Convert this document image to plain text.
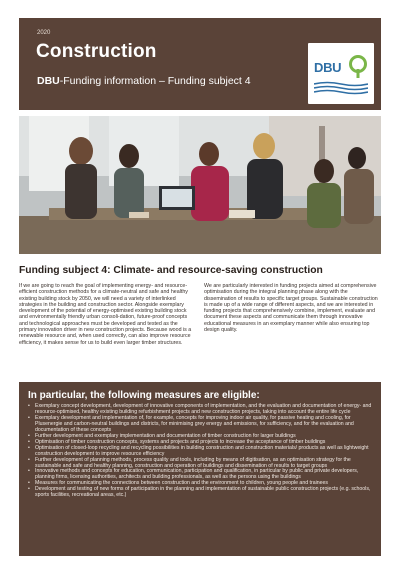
2020
Construction
DBU-Funding information – Funding subject 4
DBU
Funding subject 4: Climate- and resource-saving construction
If we are going to reach the goal of implementing energy- and resource-efficient construction methods for a climate-neutral and safe and healthy existing building stock by 2050, we will need a variety of interlinked strategies in the building and construction sector. Alongside exemplary development of the potential of energy-optimised existing building stock and environmentally friendly urban consoli-dation, future-proof concepts and technological approaches must be developed and tested as the primary innovation driver in new construction projects. Because wood is a renewable resource and, when used correctly, can also improve resource efficiency, it makes sense for us to build even larger timber structures.
We are particularly interested in funding projects aimed at comprehensive optimisation during the integral planning phase along with the dissemination of results to specific target groups. Sustainable construction is made up of a wide range of different aspects, and we are interested in funding projects that comprehensively combine, implement, evaluate and document these aspects and communicate them through innovative educational measures in an exemplary manner while also ensuring top design quality.
In particular, the following measures are eligible:
• Exemplary concept development, development of innovative components of implementation, and the evaluation and documentation of energy- and resource-optimised, healthy existing building refurbishment projects and new construction projects, taking into account the entire life cycle
• Exemplary development and implementation of, for example, concepts for improving indoor air quality, for passive heating and cooling, for Plusenergie and carbon-neutral buildings and districts, for minimising grey energy and emissions, for sufficiency, and for the evaluation and documentation of these concepts
• Further development and exemplary implementation and documentation of timber construction for larger buildings
• Optimisation of timber construction concepts, systems and projects and projects to increase the acceptance of timber buildings
• Optimisation of closed-loop recycling and recycling possibilities in building construction and construction materials/ products as well as lightweight construction development to improve resource efficiency
• Further development of planning methods, process quality and tools, including by means of digitisation, as an optimisation strategy for the sustainable and safe and healthy planning, construction and operation of buildings and dissemination of results to target groups
• Innovative methods and concepts for education, communication, participation and qualification, in particular by public and private developers, planning firms, licensing authorities, architects and building professionals, as well as the persons using the buildings
• Measures for communicating the connections between construction and the environment to children, young people and trainees
• Development and testing of new forms of participation in the planning and implementation of sustainable public construction projects (e.g. schools, sports facilities, recreational areas, etc.)
